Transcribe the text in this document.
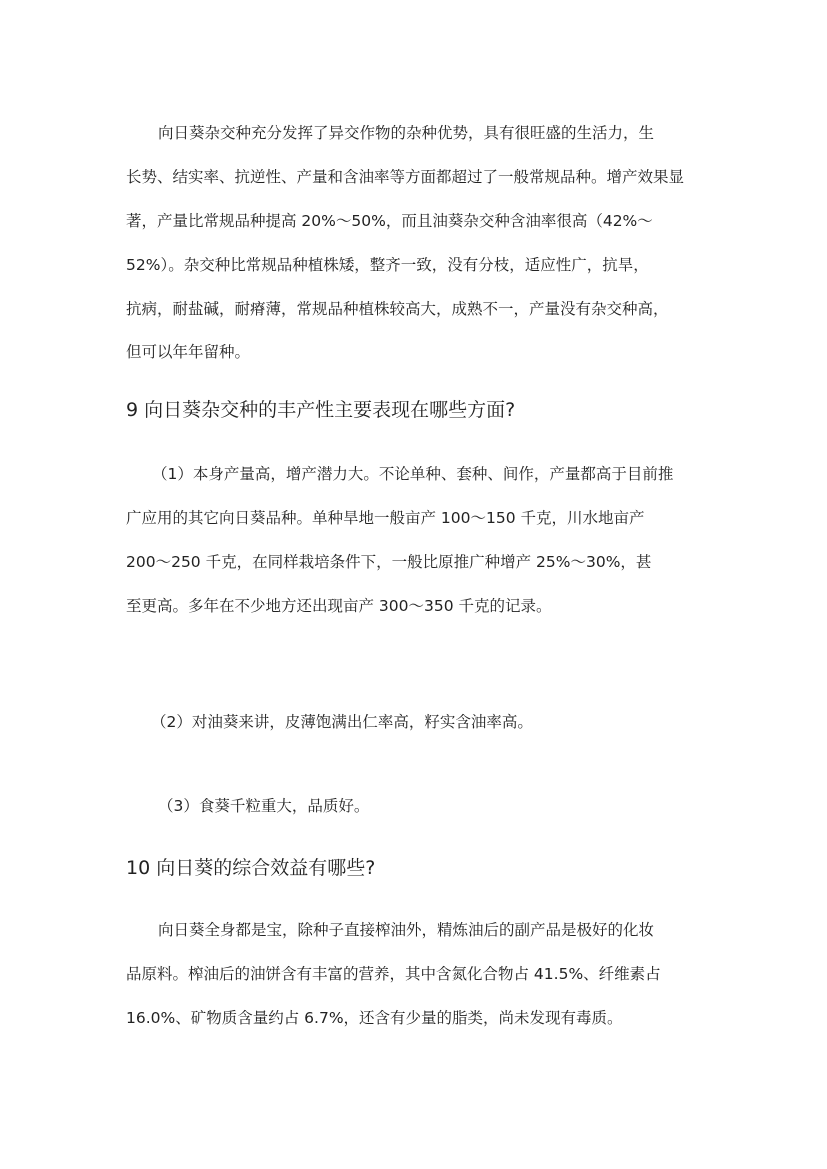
向日葵杂交种充分发挥了异交作物的杂种优势，具有很旺盛的生活力，生
长势、结实率、抗逆性、产量和含油率等方面都超过了一般常规品种。增产效果显
著，产量比常规品种提高 20%～50%，而且油葵杂交种含油率很高（42%～
52%）。杂交种比常规品种植株矮，整齐一致，没有分枝，适应性广，抗旱，
抗病，耐盐碱，耐瘠薄，常规品种植株较高大，成熟不一，产量没有杂交种高，
但可以年年留种。
9 向日葵杂交种的丰产性主要表现在哪些方面?
（1）本身产量高，增产潜力大。不论单种、套种、间作，产量都高于目前推
广应用的其它向日葵品种。单种旱地一般亩产 100～150 千克，川水地亩产
200～250 千克，在同样栽培条件下，一般比原推广种增产 25%～30%，甚
至更高。多年在不少地方还出现亩产 300～350 千克的记录。
（2）对油葵来讲，皮薄饱满出仁率高，籽实含油率高。
（3）食葵千粒重大，品质好。
10 向日葵的综合效益有哪些?
向日葵全身都是宝，除种子直接榨油外，精炼油后的副产品是极好的化妆
品原料。榨油后的油饼含有丰富的营养，其中含氮化合物占 41.5%、纤维素占
16.0%、矿物质含量约占 6.7%，还含有少量的脂类，尚未发现有毒质。
